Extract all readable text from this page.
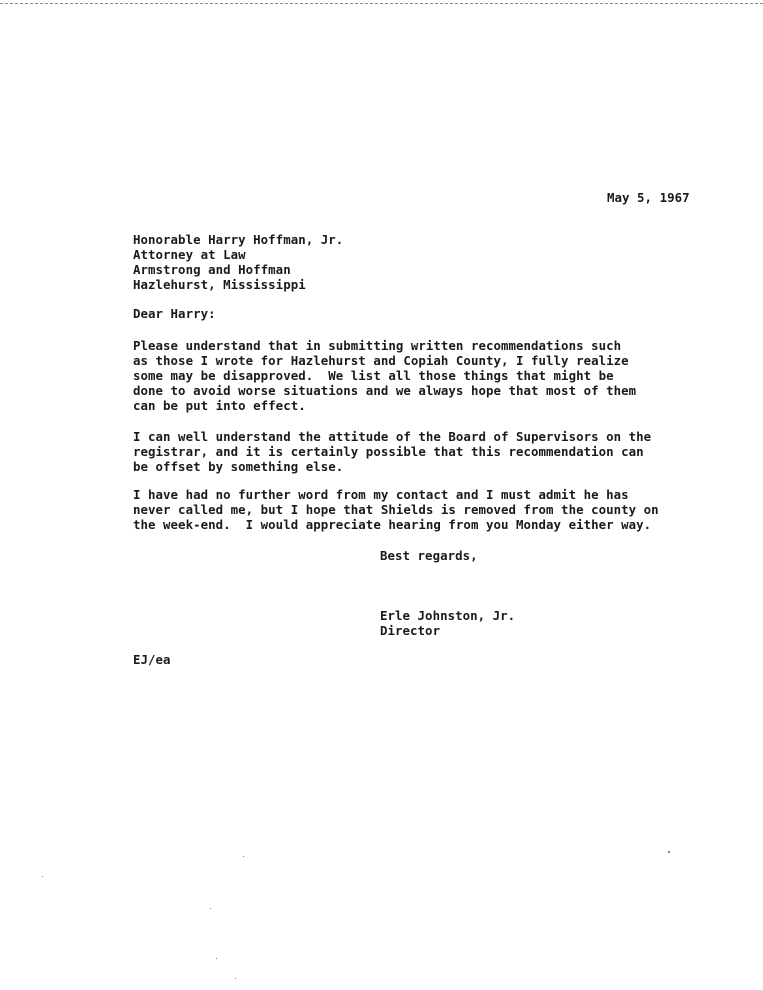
May 5, 1967
Honorable Harry Hoffman, Jr.
Attorney at Law
Armstrong and Hoffman
Hazlehurst, Mississippi
Dear Harry:
Please understand that in submitting written recommendations such
as those I wrote for Hazlehurst and Copiah County, I fully realize
some may be disapproved.  We list all those things that might be
done to avoid worse situations and we always hope that most of them
can be put into effect.
I can well understand the attitude of the Board of Supervisors on the
registrar, and it is certainly possible that this recommendation can
be offset by something else.
I have had no further word from my contact and I must admit he has
never called me, but I hope that Shields is removed from the county on
the week-end.  I would appreciate hearing from you Monday either way.
Best regards,
Erle Johnston, Jr.
Director
EJ/ea
